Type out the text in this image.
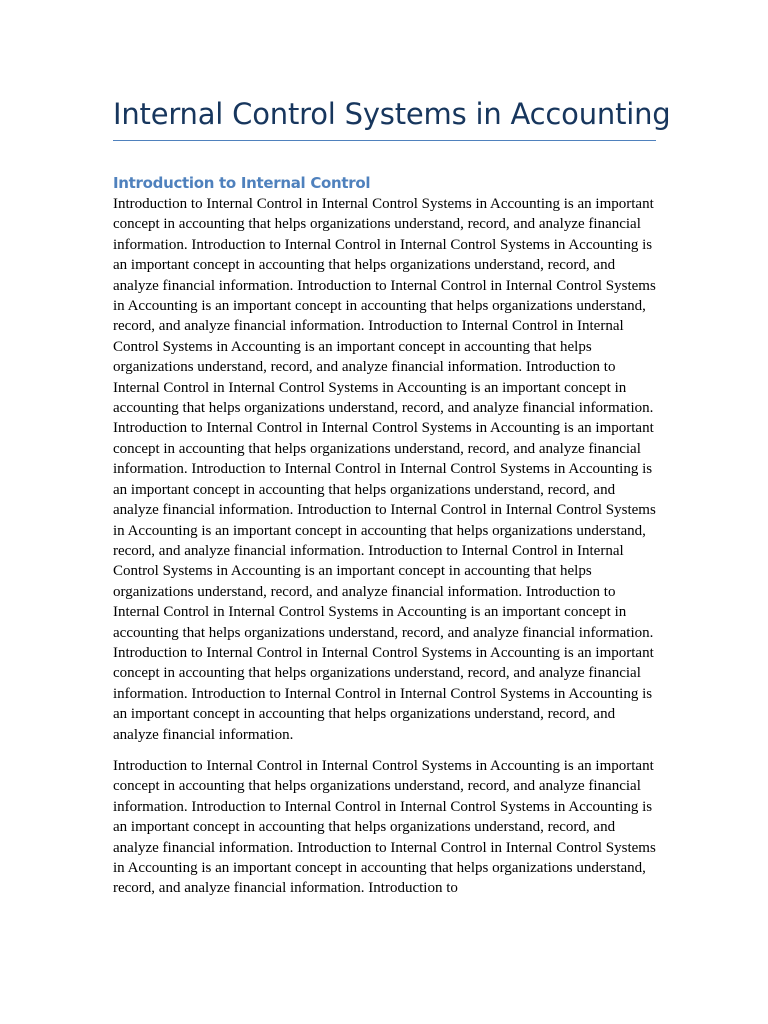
Internal Control Systems in Accounting
Introduction to Internal Control

Introduction to Internal Control in Internal Control Systems in Accounting is an important concept in accounting that helps organizations understand, record, and analyze financial information. Introduction to Internal Control in Internal Control Systems in Accounting is an important concept in accounting that helps organizations understand, record, and analyze financial information. Introduction to Internal Control in Internal Control Systems in Accounting is an important concept in accounting that helps organizations understand, record, and analyze financial information. Introduction to Internal Control in Internal Control Systems in Accounting is an important concept in accounting that helps organizations understand, record, and analyze financial information. Introduction to Internal Control in Internal Control Systems in Accounting is an important concept in accounting that helps organizations understand, record, and analyze financial information. Introduction to Internal Control in Internal Control Systems in Accounting is an important concept in accounting that helps organizations understand, record, and analyze financial information. Introduction to Internal Control in Internal Control Systems in Accounting is an important concept in accounting that helps organizations understand, record, and analyze financial information. Introduction to Internal Control in Internal Control Systems in Accounting is an important concept in accounting that helps organizations understand, record, and analyze financial information. Introduction to Internal Control in Internal Control Systems in Accounting is an important concept in accounting that helps organizations understand, record, and analyze financial information. Introduction to Internal Control in Internal Control Systems in Accounting is an important concept in accounting that helps organizations understand, record, and analyze financial information. Introduction to Internal Control in Internal Control Systems in Accounting is an important concept in accounting that helps organizations understand, record, and analyze financial information. Introduction to Internal Control in Internal Control Systems in Accounting is an important concept in accounting that helps organizations understand, record, and analyze financial information.

Introduction to Internal Control in Internal Control Systems in Accounting is an important concept in accounting that helps organizations understand, record, and analyze financial information. Introduction to Internal Control in Internal Control Systems in Accounting is an important concept in accounting that helps organizations understand, record, and analyze financial information. Introduction to Internal Control in Internal Control Systems in Accounting is an important concept in accounting that helps organizations understand, record, and analyze financial information. Introduction to
